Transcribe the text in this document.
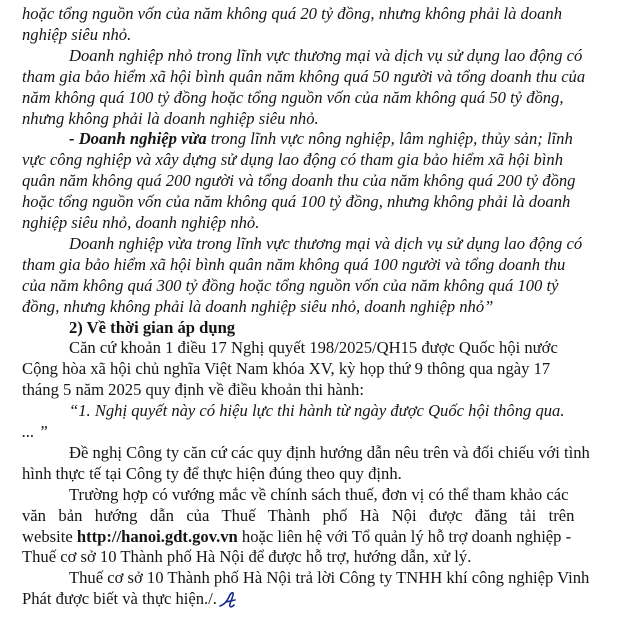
hoặc tổng nguồn vốn của năm không quá 20 tỷ đồng, nhưng không phải là doanh
nghiệp siêu nhỏ.
Doanh nghiệp nhỏ trong lĩnh vực thương mại và dịch vụ sử dụng lao động có
tham gia bảo hiểm xã hội bình quân năm không quá 50 người và tổng doanh thu của
năm không quá 100 tỷ đồng hoặc tổng nguồn vốn của năm không quá 50 tỷ đồng,
nhưng không phải là doanh nghiệp siêu nhỏ.
- Doanh nghiệp vừa trong lĩnh vực nông nghiệp, lâm nghiệp, thủy sản; lĩnh
vực công nghiệp và xây dựng sử dụng lao động có tham gia bảo hiểm xã hội bình
quân năm không quá 200 người và tổng doanh thu của năm không quá 200 tỷ đồng
hoặc tổng nguồn vốn của năm không quá 100 tỷ đồng, nhưng không phải là doanh
nghiệp siêu nhỏ, doanh nghiệp nhỏ.
Doanh nghiệp vừa trong lĩnh vực thương mại và dịch vụ sử dụng lao động có
tham gia bảo hiểm xã hội bình quân năm không quá 100 người và tổng doanh thu
của năm không quá 300 tỷ đồng hoặc tổng nguồn vốn của năm không quá 100 tỷ
đồng, nhưng không phải là doanh nghiệp siêu nhỏ, doanh nghiệp nhỏ”
2) Về thời gian áp dụng
Căn cứ khoản 1 điều 17 Nghị quyết 198/2025/QH15 được Quốc hội nước
Cộng hòa xã hội chủ nghĩa Việt Nam khóa XV, kỳ họp thứ 9 thông qua ngày 17
tháng 5 năm 2025 quy định về điều khoản thi hành:
“1. Nghị quyết này có hiệu lực thi hành từ ngày được Quốc hội thông qua.
... ”
Đề nghị Công ty căn cứ các quy định hướng dẫn nêu trên và đối chiếu với tình
hình thực tế tại Công ty để thực hiện đúng theo quy định.
Trường hợp có vướng mắc về chính sách thuế, đơn vị có thể tham khảo các
văn   bản   hướng   dẫn   của   Thuế   Thành   phố   Hà   Nội   được   đăng   tải   trên
website http://hanoi.gdt.gov.vn hoặc liên hệ với Tổ quản lý hỗ trợ doanh nghiệp -
Thuế cơ sở 10 Thành phố Hà Nội để được hỗ trợ, hướng dẫn, xử lý.
Thuế cơ sở 10 Thành phố Hà Nội trả lời Công ty TNHH khí công nghiệp Vinh
Phát được biết và thực hiện./.
